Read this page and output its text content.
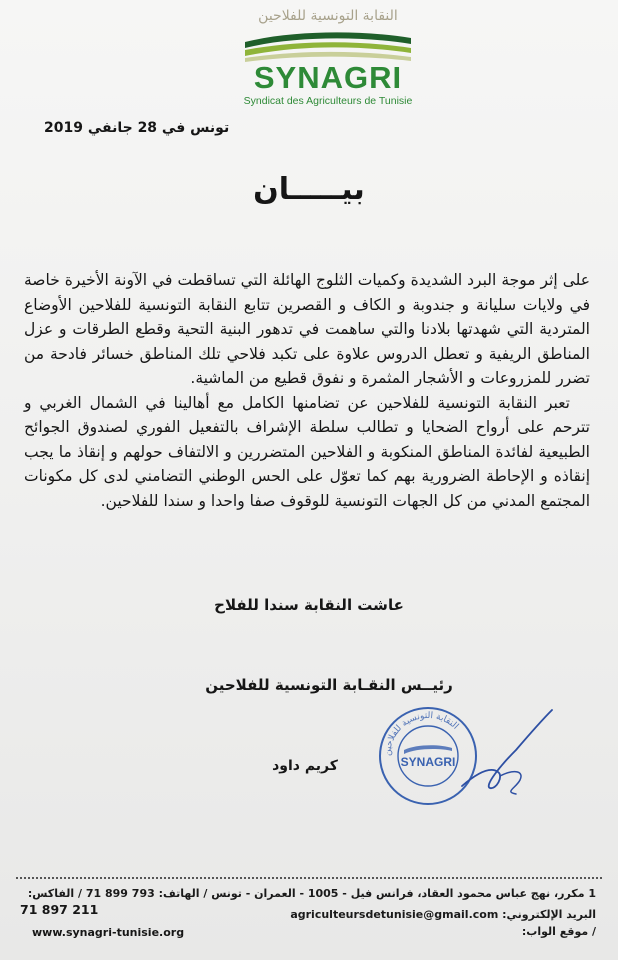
النقابة التونسية للفلاحين
SYNAGRI
Syndicat des Agriculteurs de Tunisie
تونس في 28 جانفي 2019
بيـــــان

على إثر موجة البرد الشديدة وكميات الثلوج الهائلة التي تساقطت في الآونة الأخيرة خاصة في ولايات سليانة و جندوبة و الكاف و القصرين تتابع النقابة التونسية للفلاحين الأوضاع المتردية التي شهدتها بلادنا والتي ساهمت في تدهور البنية التحية وقطع الطرقات و عزل المناطق الريفية و تعطل الدروس علاوة على تكبد فلاحي تلك المناطق خسائر فادحة من تضرر للمزروعات و الأشجار المثمرة و نفوق قطيع من الماشية.

تعبر النقابة التونسية للفلاحين عن تضامنها الكامل مع أهالينا في الشمال الغربي و تترحم على أرواح الضحايا و تطالب سلطة الإشراف بالتفعيل الفوري لصندوق الجوائح الطبيعية لفائدة المناطق المنكوبة و الفلاحين المتضررين و الالتفاف حولهم و إنقاذ ما يجب إنقاذه و الإحاطة الضرورية بهم كما تعوّل على الحس الوطني التضامني لدى كل مكونات المجتمع المدني من كل الجهات التونسية للوقوف صفا واحدا و سندا للفلاحين.

عاشت النقابة سندا للفلاح
رئيــس النقـابة التونسية للفلاحين
النقابة التونسية للفلاحين
SYNAGRI
كريم داود
1 مكرر، نهج عباس محمود العقاد، فرانس فيل - 1005 - العمران - تونس / الهاتف: 793 899 71 / الفاكس:
71 897 211	البريد الإلكتروني: agriculteursdetunisie@gmail.com
/ موقع الواب:
www.synagri-tunisie.org
